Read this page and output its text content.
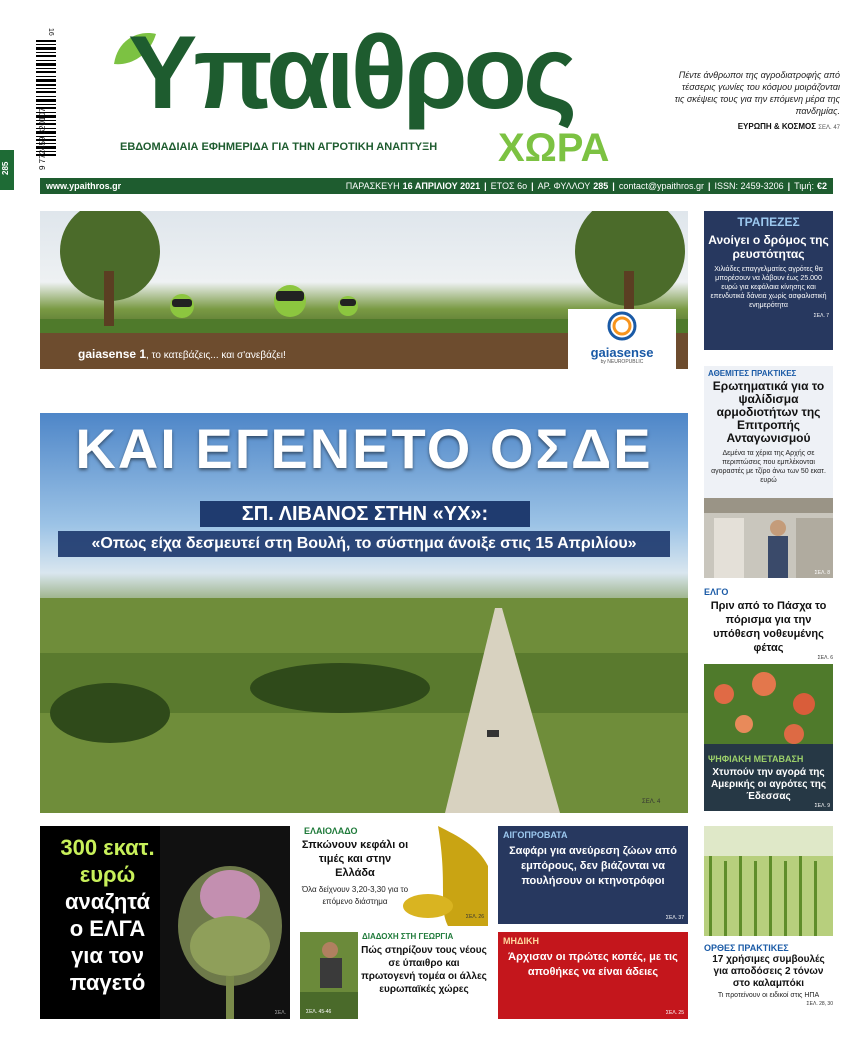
285
16
9 772459 320107
Υπαιθρος
ΧΩΡΑ
ΕΒΔΟΜΑΔΙΑΙΑ ΕΦΗΜΕΡΙΔΑ ΓΙΑ ΤΗΝ ΑΓΡΟΤΙΚΗ ΑΝΑΠΤΥΞΗ
Πέντε άνθρωποι της αγροδιατροφής από τέσσερις γωνίες του κόσμου μοιράζονται τις σκέψεις τους για την επόμενη μέρα της πανδημίας.
ΕΥΡΩΠΗ & ΚΟΣΜΟΣ ΣΕΛ. 47
www.ypaithros.gr	ΠΑΡΑΣΚΕΥΗ 16 ΑΠΡΙΛΙΟΥ 2021 | ΕΤΟΣ 6ο | ΑΡ. ΦΥΛΛΟΥ 285 | contact@ypaithros.gr | ISSN: 2459-3206 | Τιμή: €2
gaiasense 1, το κατεβάζεις... και σ'ανεβάζει!	gaiasense
by NEUROPUBLIC
ΚΑΙ ΕΓΕΝΕΤΟ ΟΣΔΕ
ΣΠ. ΛΙΒΑΝΟΣ ΣΤΗΝ «ΥΧ»:
«Οπως είχα δεσμευτεί στη Βουλή, το σύστημα άνοιξε στις 15 Απριλίου»
ΣΕΛ. 4
ΤΡΑΠΕΖΕΣ
Ανοίγει ο δρόμος της ρευστότητας
Χιλιάδες επαγγελματίες αγρότες θα μπορέσουν να λάβουν έως 25.000 ευρώ για κεφάλαια κίνησης και επενδυτικά δάνεια χωρίς ασφαλιστική ενημερότητα
ΣΕΛ. 7
ΑΘΕΜΙΤΕΣ ΠΡΑΚΤΙΚΕΣ
Ερωτηματικά για το ψαλίδισμα αρμοδιοτήτων της Επιτροπής Ανταγωνισμού
Δεμένα τα χέρια της Αρχής σε περιπτώσεις που εμπλέκονται αγοραστές με τζίρο άνω των 50 εκατ. ευρώ
ΣΕΛ. 8
ΕΛΓΟ
Πριν από το Πάσχα το πόρισμα για την υπόθεση νοθευμένης φέτας
ΣΕΛ. 6
ΨΗΦΙΑΚΗ ΜΕΤΑΒΑΣΗ
Χτυπούν την αγορά της Αμερικής οι αγρότες της Έδεσσας
ΣΕΛ. 9
ΟΡΘΕΣ ΠΡΑΚΤΙΚΕΣ
17 χρήσιμες συμβουλές για αποδόσεις 2 τόνων στο καλαμπόκι
Τι προτείνουν οι ειδικοί στις ΗΠΑ
ΣΕΛ. 28, 30
300 εκατ.
ευρώ
αναζητά
ο ΕΛΓΑ
για τον
παγετό
ΣΕΛ.
ΕΛΑΙΟΛΑΔΟ
Σπκώνουν κεφάλι οι τιμές και στην Ελλάδα
Όλα δείχνουν 3,20-3,30 για το επόμενο διάστημα
ΣΕΛ. 26
ΔΙΑΔΟΧΗ ΣΤΗ ΓΕΩΡΓΙΑ
Πώς στηρίζουν τους νέους σε ύπαιθρο και πρωτογενή τομέα οι άλλες ευρωπαϊκές χώρες
ΣΕΛ. 45-46
ΑΙΓΟΠΡΟΒΑΤΑ
Σαφάρι για ανεύρεση ζώων από εμπόρους, δεν βιάζονται να πουλήσουν οι κτηνοτρόφοι
ΣΕΛ. 37
ΜΗΔΙΚΗ
Άρχισαν οι πρώτες κοπές, με τις αποθήκες να είναι άδειες
ΣΕΛ. 25
